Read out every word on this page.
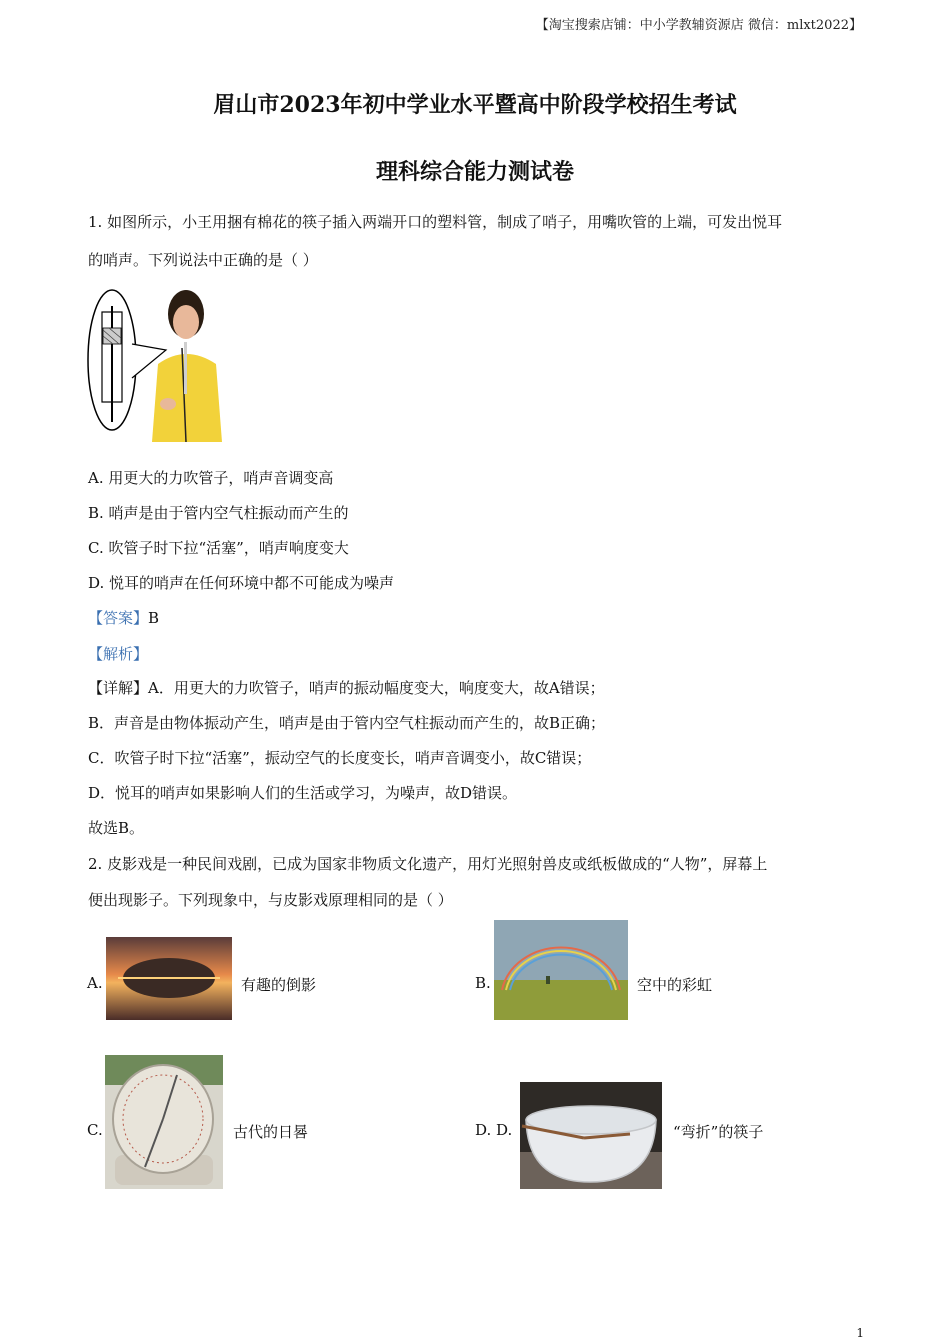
【淘宝搜索店铺：中小学教辅资源店 微信：mlxt2022】
眉山市2023年初中学业水平暨高中阶段学校招生考试
理科综合能力测试卷
1. 如图所示，小王用捆有棉花的筷子插入两端开口的塑料管，制成了哨子，用嘴吹管的上端，可发出悦耳
的哨声。下列说法中正确的是（ ）
A. 用更大的力吹管子，哨声音调变高
B. 哨声是由于管内空气柱振动而产生的
C. 吹管子时下拉“活塞”，哨声响度变大
D. 悦耳的哨声在任何环境中都不可能成为噪声
【答案】B
【解析】
【详解】A．用更大的力吹管子，哨声的振动幅度变大，响度变大，故A错误；
B．声音是由物体振动产生，哨声是由于管内空气柱振动而产生的，故B正确；
C．吹管子时下拉“活塞”，振动空气的长度变长，哨声音调变小，故C错误；
D．悦耳的哨声如果影响人们的生活或学习，为噪声，故D错误。
故选B。
2. 皮影戏是一种民间戏剧，已成为国家非物质文化遗产，用灯光照射兽皮或纸板做成的“人物”，屏幕上
便出现影子。下列现象中，与皮影戏原理相同的是（ ）
A.	有趣的倒影	B.	空中的彩虹
C.	古代的日晷	D. D.	“弯折”的筷子
1
